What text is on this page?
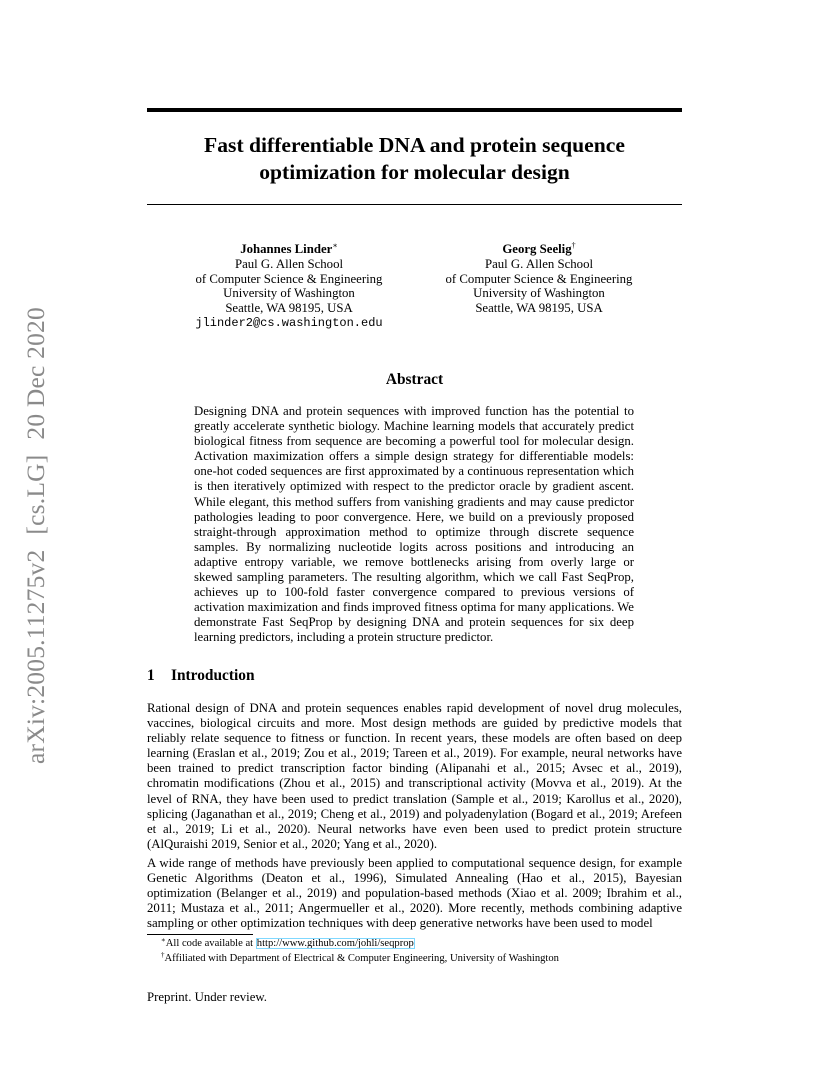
arXiv:2005.11275v2[cs.LG]20 Dec 2020
Fast differentiable DNA and protein sequence
optimization for molecular design
Johannes Linder∗
Paul G. Allen School
of Computer Science & Engineering
University of Washington
Seattle, WA 98195, USA
jlinder2@cs.washington.edu
Georg Seelig†
Paul G. Allen School
of Computer Science & Engineering
University of Washington
Seattle, WA 98195, USA
Abstract
Designing DNA and protein sequences with improved function has the potential to greatly accelerate synthetic biology. Machine learning models that accurately predict biological fitness from sequence are becoming a powerful tool for molecular design. Activation maximization offers a simple design strategy for differentiable models: one-hot coded sequences are first approximated by a continuous representation which is then iteratively optimized with respect to the predictor oracle by gradient ascent. While elegant, this method suffers from vanishing gradients and may cause predictor pathologies leading to poor convergence. Here, we build on a previously proposed straight-through approximation method to optimize through discrete sequence samples. By normalizing nucleotide logits across positions and introducing an adaptive entropy variable, we remove bottlenecks arising from overly large or skewed sampling parameters. The resulting algorithm, which we call Fast SeqProp, achieves up to 100-fold faster convergence compared to previous versions of activation maximization and finds improved fitness optima for many applications. We demonstrate Fast SeqProp by designing DNA and protein sequences for six deep learning predictors, including a protein structure predictor.
1 Introduction

Rational design of DNA and protein sequences enables rapid development of novel drug molecules, vaccines, biological circuits and more. Most design methods are guided by predictive models that reliably relate sequence to fitness or function. In recent years, these models are often based on deep learning (Eraslan et al., 2019; Zou et al., 2019; Tareen et al., 2019). For example, neural networks have been trained to predict transcription factor binding (Alipanahi et al., 2015; Avsec et al., 2019), chromatin modifications (Zhou et al., 2015) and transcriptional activity (Movva et al., 2019). At the level of RNA, they have been used to predict translation (Sample et al., 2019; Karollus et al., 2020), splicing (Jaganathan et al., 2019; Cheng et al., 2019) and polyadenylation (Bogard et al., 2019; Arefeen et al., 2019; Li et al., 2020). Neural networks have even been used to predict protein structure (AlQuraishi 2019, Senior et al., 2020; Yang et al., 2020).

A wide range of methods have previously been applied to computational sequence design, for example Genetic Algorithms (Deaton et al., 1996), Simulated Annealing (Hao et al., 2015), Bayesian optimization (Belanger et al., 2019) and population-based methods (Xiao et al. 2009; Ibrahim et al., 2011; Mustaza et al., 2011; Angermueller et al., 2020). More recently, methods combining adaptive sampling or other optimization techniques with deep generative networks have been used to model

∗All code available at http://www.github.com/johli/seqprop
†Affiliated with Department of Electrical & Computer Engineering, University of Washington
Preprint. Under review.
